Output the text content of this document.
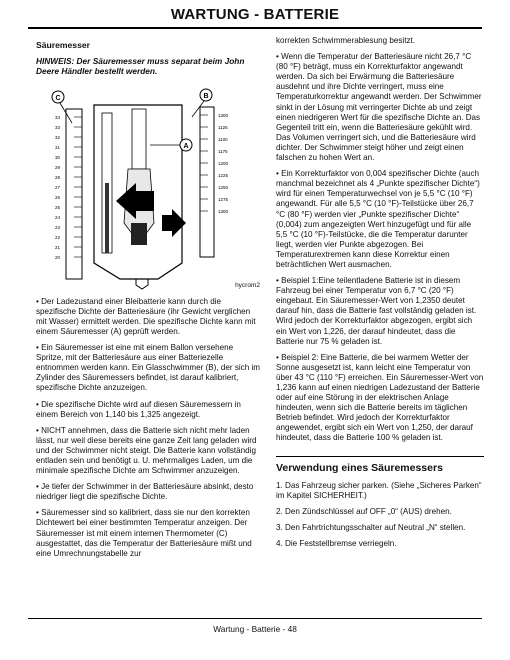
WARTUNG - BATTERIE
Säuremesser
HINWEIS: Der Säuremesser muss separat beim John Deere Händler bestellt werden.
C	B
A
34
33
32
31
30
29
28
27
26
25
24
23
22
21
20
1300
1125
1100
1175
1200
1225
1250
1275
1300
hycrom2

• Der Ladezustand einer Bleibatterie kann durch die spezifische Dichte der Batteriesäure (ihr Gewicht verglichen mit Wasser) ermittelt werden. Die spezifische Dichte kann mit einem Säuremesser (A) geprüft werden.

• Ein Säuremesser ist eine mit einem Ballon versehene Spritze, mit der Batteriesäure aus einer Batteriezelle entnommen werden kann. Ein Glasschwimmer (B), der sich im Zylinder des Säuremessers befindet, ist darauf kalibriert, spezifische Dichte anzuzeigen.

• Die spezifische Dichte wird auf diesen Säuremessern in einem Bereich von 1,140 bis 1,325 angezeigt.

• NICHT annehmen, dass die Batterie sich nicht mehr laden lässt, nur weil diese bereits eine ganze Zeit lang geladen wird und der Schwimmer nicht steigt. Die Batterie kann vollständig entladen sein und benötigt u. U. mehrmaliges Laden, um die minimale spezifische Dichte am Schwimmer anzuzeigen.

• Je tiefer der Schwimmer in der Batteriesäure absinkt, desto niedriger liegt die spezifische Dichte.

• Säuremesser sind so kalibriert, dass sie nur den korrekten Dichtewert bei einer bestimmten Temperatur anzeigen. Der Säuremesser ist mit einem internen Thermometer (C) ausgestattet, das die Temperatur der Batteriesäure mißt und eine Umrechnungstabelle zur

korrekten Schwimmerablesung besitzt.

• Wenn die Temperatur der Batteriesäure nicht 26,7 °C (80 °F) beträgt, muss ein Korrekturfaktor angewandt werden. Da sich bei Erwärmung die Batteriesäure ausdehnt und ihre Dichte verringert, muss eine Temperaturkorrektur angewandt werden. Der Schwimmer sinkt in der Lösung mit verringerter Dichte ab und zeigt einen niedrigeren Wert für die spezifische Dichte an. Das Gegenteil tritt ein, wenn die Batteriesäure gekühlt wird. Das Volumen verringert sich, und die Batteriesäure wird dichter. Der Schwimmer steigt höher und zeigt einen falschen zu hohen Wert an.

• Ein Korrekturfaktor von 0,004 spezifischer Dichte (auch manchmal bezeichnet als 4 „Punkte spezifischer Dichte“) wird für einen Temperaturwechsel von je 5,5 °C (10 °F) angewandt. Für alle 5,5 °C (10 °F)-Teilstücke über 26,7 °C (80 °F) werden vier „Punkte spezifischer Dichte“ (0,004) zum angezeigten Wert hinzugefügt und für alle 5,5 °C (10 °F)-Teilstücke, die die Temperatur darunter liegt, werden vier Punkte abgezogen. Bei Temperaturextremen kann diese Korrektur einen beträchtlichen Wert ausmachen.

• Beispiel 1:Eine teilentladene Batterie ist in diesem Fahrzeug bei einer Temperatur von 6,7 °C (20 °F) eingebaut. Ein Säuremesser-Wert von 1,2350 deutet darauf hin, dass die Batterie fast vollständig geladen ist. Wird jedoch der Korrekturfaktor abgezogen, ergibt sich ein Wert von 1,226, der darauf hindeutet, dass die Batterie nur 75 % geladen ist.

• Beispiel 2: Eine Batterie, die bei warmem Wetter der Sonne ausgesetzt ist, kann leicht eine Temperatur von über 43 °C (110 °F) erreichen. Ein Säuremesser-Wert von 1,236 kann auf einen niedrigen Ladezustand der Batterie oder auf eine Störung in der elektrischen Anlage hindeuten, wenn sich die Batterie bereits im täglichen Betrieb befindet. Wird jedoch der Korrekturfaktor angewendet, ergibt sich ein Wert von 1,250, der darauf hindeutet, dass die Batterie 100 % geladen ist.

Verwendung eines Säuremessers
1. Das Fahrzeug sicher parken. (Siehe „Sicheres Parken“ im Kapitel SICHERHEIT.)
2. Den Zündschlüssel auf OFF „0“ (AUS) drehen.
3. Den Fahrtrichtungsschalter auf Neutral „N“ stellen.
4. Die Feststellbremse verriegeln.
Wartung - Batterie - 48
